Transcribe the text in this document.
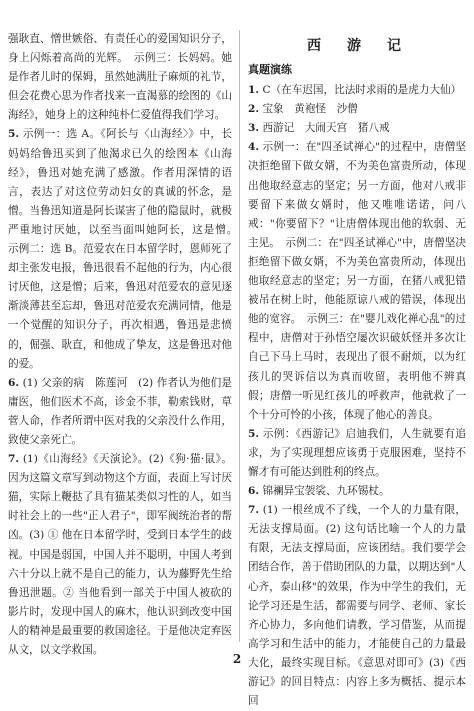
强耿直、憎世嫉俗、有责任心的爱国知识分子，身上闪烁着高尚的光辉。　示例三：长妈妈。她是作者儿时的保姆，虽然她满肚子麻烦的礼节，但会花费心思为作者找来一直渴慕的绘图的《山海经》，她身上的这种纯朴仁爱值得我们学习。

5. 示例一：选 A。《阿长与〈山海经〉》中，长妈妈给鲁迅买到了他渴求已久的绘图本《山海经》，鲁迅对她充满了感激。作者用深情的语言，表达了对这位劳动妇女的真诚的怀念，是憎。当鲁迅知道是阿长谋害了他的隐鼠时，就极严重地讨厌她，以至当面叫她阿长，这是憎。　示例二：选 B。范爱农在日本留学时，恩师死了却主张发电报，鲁迅很看不起他的行为，内心很讨厌他，这是憎；后来，鲁迅对范爱农的意见逐渐淡薄甚至忘却，鲁迅对范爱农充满同情，他是一个觉醒的知识分子，再次相遇，鲁迅是悲愤的，倔强、耿直，和他成了挚友，这是鲁迅对他的爱。

6. (1) 父亲的病　陈莲河　(2) 作者认为他们是庸医，他们医术不高，诊金不菲，勒索钱财，草菅人命，作者所谓中医对我的父亲没什么作用，致使父亲死亡。

7. (1)《山海经》《天演论》。(2)《狗·猫·鼠》。因为这篇文章写到动物这个方面，表面上写讨厌猫，实际上鞭挞了具有猫某类似习性的人，如当时社会上的一些"正人君子"，即军阀统治者的帮凶。(3) ① 他在日本留学时，受到日本学生的歧视。中国是弱国，中国人并不聪明，中国人考到六十分以上就不是自己的能力，认为藤野先生给鲁迅泄题。② 当他看到一部关于中国人被砍的影片时，发现中国人的麻木，他认识到改变中国人的精神是最重要的救国途径。于是他决定弃医从文，以文学救国。

西　游　记
真题演练

1. C（在车迟国，比法时求雨的是虎力大仙）

2. 宝象　黄袍怪　沙僧

3. 西游记　大闹天宫　猪八戒

4. 示例一：在"四圣试禅心"的过程中，唐僧坚决拒绝留下做女婿，不为美色富贵所动，体现出他取经意志的坚定；另一方面，他对八戒非要留下来做女婿时，他又唯唯诺诺，问八戒："你要留下？"让唐僧体现出他的软弱、无主见。　示例二：在"四圣试禅心"中，唐僧坚决拒绝留下做女婿，不为美色富贵所动，体现出他取经意志的坚定；另一方面，在猪八戒犯错被吊在树上时，他能原谅八戒的错误，体现出他的宽容。　示例三：在"婴儿戏化禅心乱"的过程中，唐僧对于孙悟空屡次识破妖怪并多次让自己下马上马时，表现出了很不耐烦，以为红孩儿的哭诉信以为真而收留，表明他不辨真假；唐僧一听见红孩儿的呼救声，他就救了一个十分可怜的小孩，体现了他心的善良。

5. 示例：《西游记》启迪我们，人生就要有追求，为了实现理想应该勇于克服困难，坚持不懈才有可能达到胜利的终点。

6. 锦襕异宝袈裟、九环锡杖。

7. (1) 一根丝成不了线，一个人的力量有限，无法支撑局面。(2) 这句话比喻一个人的力量有限，无法支撑局面，应该团结。我们要学会团结合作，善于借助团队的力量，以期达到"人心齐，泰山移"的效果，作为中学生的我们，无论学习还是生活，都需要与同学、老师、家长齐心协力，多向他们请教，学习借鉴，从而提高学习和生活中的能力，才能使自己的力量最大化，最终实现目标。《意思对即可》(3)《西游记》的回目特点：内容上多为概括、提示本回

2
